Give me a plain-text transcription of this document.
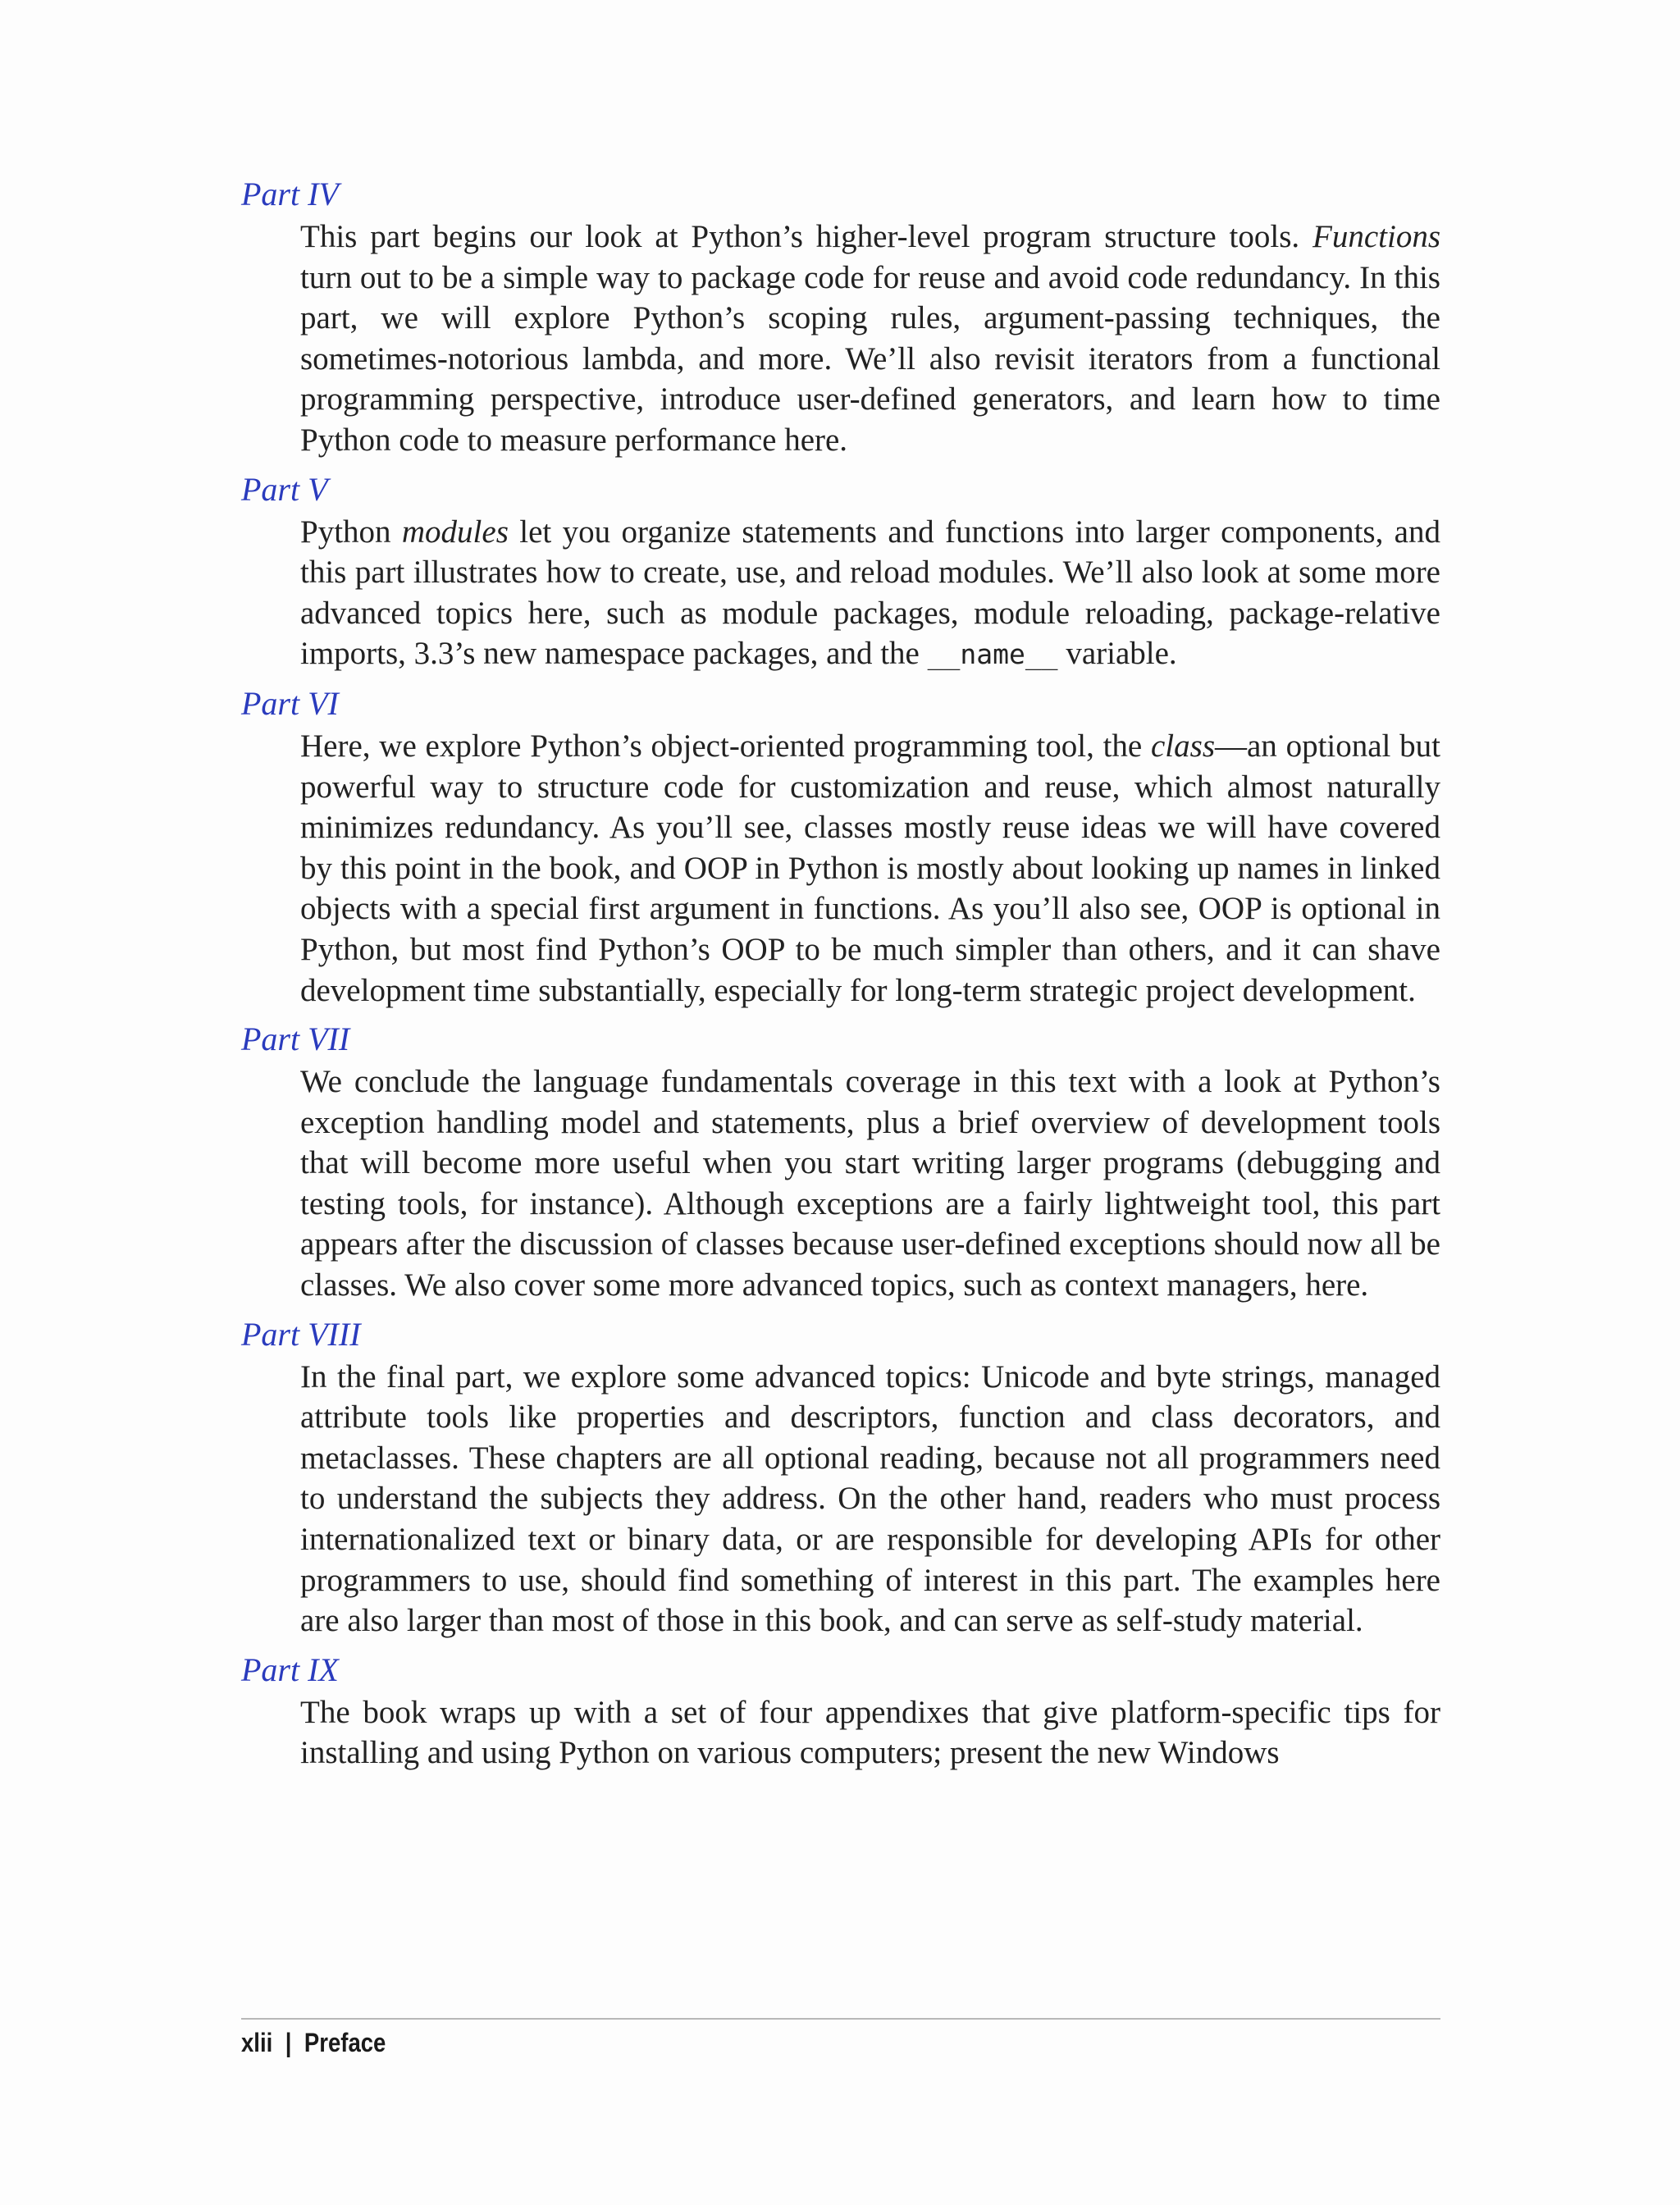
Part IV

This part begins our look at Python’s higher-level program structure tools. Functions turn out to be a simple way to package code for reuse and avoid code redundancy. In this part, we will explore Python’s scoping rules, argument-passing techniques, the sometimes-notorious lambda, and more. We’ll also revisit iterators from a functional programming perspective, introduce user-defined generators, and learn how to time Python code to measure performance here.

Part V

Python modules let you organize statements and functions into larger components, and this part illustrates how to create, use, and reload modules. We’ll also look at some more advanced topics here, such as module packages, module reloading, package-relative imports, 3.3’s new namespace packages, and the __name__ variable.

Part VI

Here, we explore Python’s object-oriented programming tool, the class—an optional but powerful way to structure code for customization and reuse, which almost naturally minimizes redundancy. As you’ll see, classes mostly reuse ideas we will have covered by this point in the book, and OOP in Python is mostly about looking up names in linked objects with a special first argument in functions. As you’ll also see, OOP is optional in Python, but most find Python’s OOP to be much simpler than others, and it can shave development time substantially, especially for long-term strategic project development.

Part VII

We conclude the language fundamentals coverage in this text with a look at Python’s exception handling model and statements, plus a brief overview of development tools that will become more useful when you start writing larger programs (debugging and testing tools, for instance). Although exceptions are a fairly lightweight tool, this part appears after the discussion of classes because user-defined exceptions should now all be classes. We also cover some more advanced topics, such as context managers, here.

Part VIII

In the final part, we explore some advanced topics: Unicode and byte strings, managed attribute tools like properties and descriptors, function and class decorators, and metaclasses. These chapters are all optional reading, because not all programmers need to understand the subjects they address. On the other hand, readers who must process internationalized text or binary data, or are responsible for developing APIs for other programmers to use, should find something of interest in this part. The examples here are also larger than most of those in this book, and can serve as self-study material.

Part IX

The book wraps up with a set of four appendixes that give platform-specific tips for installing and using Python on various computers; present the new Windows

xlii | Preface
